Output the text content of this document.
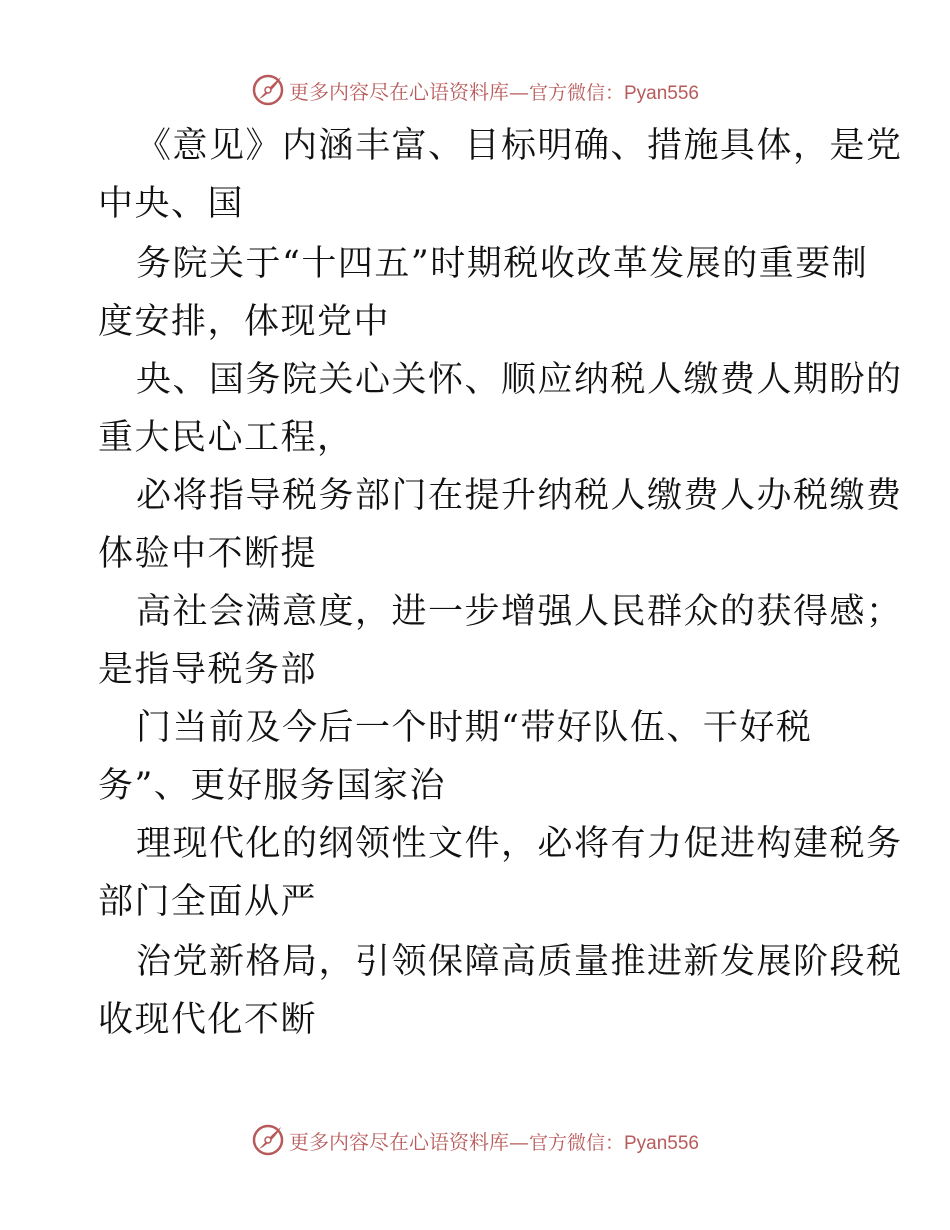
更多内容尽在心语资料库—官方微信：Pyan556
《意见》内涵丰富、目标明确、措施具体，是党
中央、国
务院关于“十四五”时期税收改革发展的重要制
度安排，体现党中
央、国务院关心关怀、顺应纳税人缴费人期盼的
重大民心工程，
必将指导税务部门在提升纳税人缴费人办税缴费
体验中不断提
高社会满意度，进一步增强人民群众的获得感；
是指导税务部
门当前及今后一个时期“带好队伍、干好税
务”、更好服务国家治
理现代化的纲领性文件，必将有力促进构建税务
部门全面从严
治党新格局，引领保障高质量推进新发展阶段税
收现代化不断
更多内容尽在心语资料库—官方微信：Pyan556
